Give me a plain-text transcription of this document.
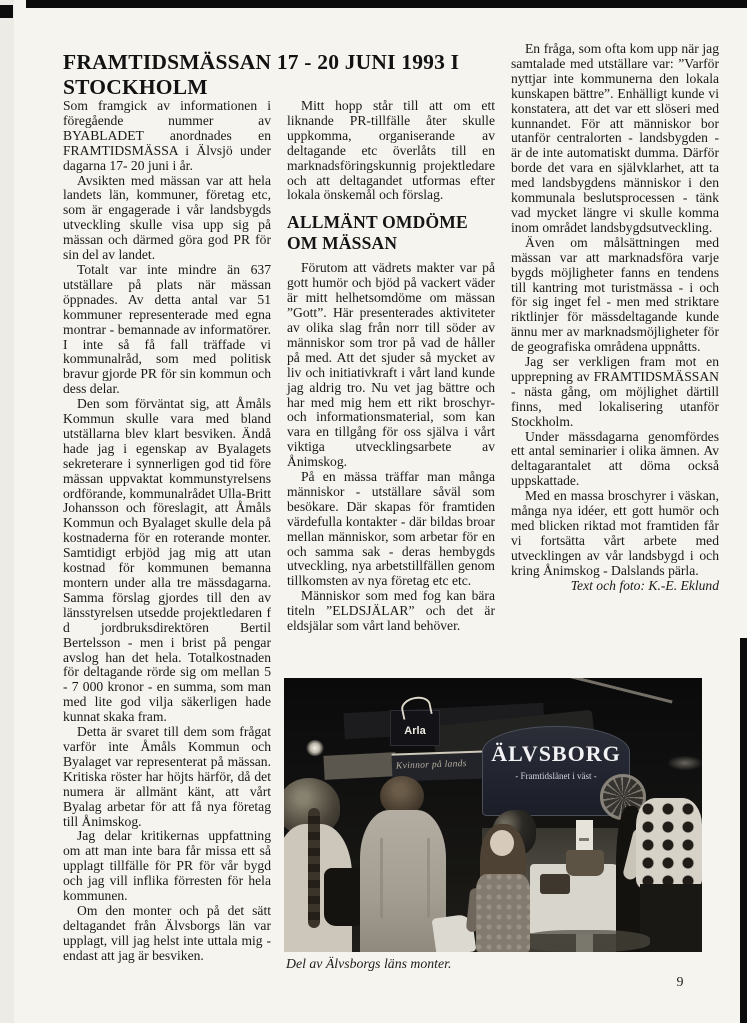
FRAMTIDSMÄSSAN 17 - 20 JUNI 1993 I STOCKHOLM

Som framgick av informationen i föregående nummer av BYABLADET anordnades en FRAMTIDSMÄSSA i Älvsjö under dagarna 17- 20 juni i år.

Avsikten med mässan var att hela landets län, kommuner, företag etc, som är engagerade i vår landsbygds utveckling skulle visa upp sig på mässan och därmed göra god PR för sin del av landet.

Totalt var inte mindre än 637 utställare på plats när mässan öppnades. Av detta antal var 51 kommuner representerade med egna montrar - bemannade av informatörer. I inte så få fall träffade vi kommunalråd, som med politisk bravur gjorde PR för sin kommun och dess delar.

Den som förväntat sig, att Åmåls Kommun skulle vara med bland utställarna blev klart besviken. Ändå hade jag i egenskap av Byalagets sekreterare i synnerligen god tid före mässan uppvaktat kommunstyrelsens ordförande, kommunalrådet Ulla-Britt Johansson och föreslagit, att Åmåls Kommun och Byalaget skulle dela på kostnaderna för en roterande monter. Samtidigt erbjöd jag mig att utan kostnad för kommunen bemanna montern under alla tre mässdagarna. Samma förslag gjordes till den av länsstyrelsen utsedde projektledaren f d jordbruksdirektören Bertil Bertelsson - men i brist på pengar avslog han det hela. Totalkostnaden för deltagande rörde sig om mellan 5 - 7 000 kronor - en summa, som man med lite god vilja säkerligen hade kunnat skaka fram.

Detta är svaret till dem som frågat varför inte Åmåls Kommun och Byalaget var representerat på mässan. Kritiska röster har höjts härför, då det numera är allmänt känt, att vårt Byalag arbetar för att få nya företag till Ånimskog.

Jag delar kritikernas uppfattning om att man inte bara får missa ett så upplagt tillfälle för PR för vår bygd och jag vill inflika förresten för hela kommunen.

Om den monter och på det sätt deltagandet från Älvsborgs län var upplagt, vill jag helst inte uttala mig - endast att jag är besviken.

Mitt hopp står till att om ett liknande PR-tillfälle åter skulle uppkomma, organiserande av deltagande etc överlåts till en marknadsföringskunnig projektledare och att deltagandet utformas efter lokala önskemål och förslag.

ALLMÄNT OMDÖME OM MÄSSAN

Förutom att vädrets makter var på gott humör och bjöd på vackert väder är mitt helhetsomdöme om mässan ”Gott”. Här presenterades aktiviteter av olika slag från norr till söder av människor som tror på vad de håller på med. Att det sjuder så mycket av liv och initiativkraft i vårt land kunde jag aldrig tro. Nu vet jag bättre och har med mig hem ett rikt broschyr- och informationsmaterial, som kan vara en tillgång för oss själva i vårt viktiga utvecklingsarbete av Ånimskog.

På en mässa träffar man många människor - utställare såväl som besökare. Där skapas för framtiden värdefulla kontakter - där bildas broar mellan människor, som arbetar för en och samma sak - deras hembygds utveckling, nya arbetstillfällen genom tillkomsten av nya företag etc etc.

Människor som med fog kan bära titeln ”ELDSJÄLAR” och det är eldsjälar som vårt land behöver.

En fråga, som ofta kom upp när jag samtalade med utställare var: ”Varför nyttjar inte kommunerna den lokala kunskapen bättre”. Enhälligt kunde vi konstatera, att det var ett slöseri med kunnandet. För att människor bor utanför centralorten - landsbygden - är de inte automatiskt dumma. Därför borde det vara en självklarhet, att ta med landsbygdens människor i den kommunala beslutsprocessen - tänk vad mycket längre vi skulle komma inom området landsbygdsutveckling.

Även om målsättningen med mässan var att marknadsföra varje bygds möjligheter fanns en tendens till kantring mot turistmässa - i och för sig inget fel - men med striktare riktlinjer för mässdeltagande kunde ännu mer av marknadsmöjligheter för de geografiska områdena uppnåtts.

Jag ser verkligen fram mot en upprepning av FRAMTIDSMÄSSAN - nästa gång, om möjlighet därtill finns, med lokalisering utanför Stockholm.

Under mässdagarna genomfördes ett antal seminarier i olika ämnen. Av deltagarantalet att döma också uppskattade.

Med en massa broschyrer i väskan, många nya idéer, ett gott humör och med blicken riktad mot framtiden får vi fortsätta vårt arbete med utvecklingen av vår landsbygd i och kring Ånimskog - Dalslands pärla.

Text och foto: K.-E. Eklund

Arla
Kvinnor på lands	ÄLVSBORG
- Framtidslänet i väst -
Del av Älvsborgs läns monter.
9
